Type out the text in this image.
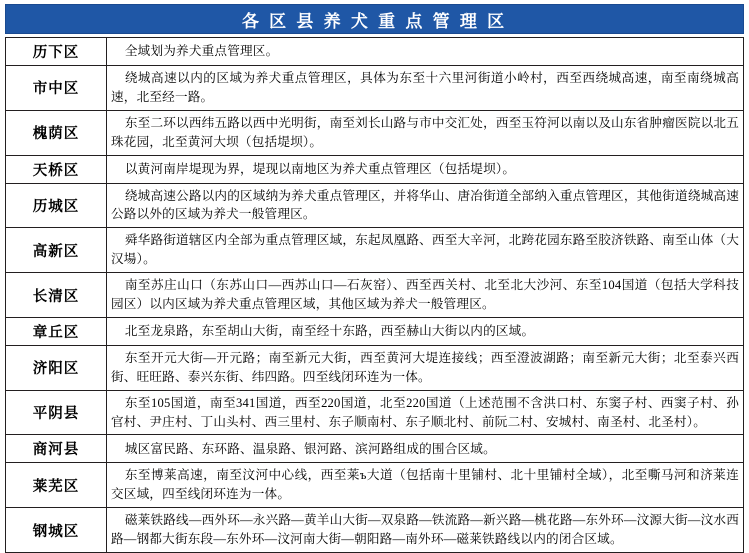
各 区 县 养 犬 重 点 管 理 区
历下区	全域划为养犬重点管理区。

市中区	绕城高速以内的区域为养犬重点管理区，具体为东至十六里河街道小岭村，西至西绕城高速，南至南绕城高速，北至经一路。

槐荫区	东至二环以西纬五路以西中光明街，南至刘长山路与市中交汇处，西至玉符河以南以及山东省肿瘤医院以北五珠花园，北至黄河大坝（包括堤坝）。

天桥区	以黄河南岸堤现为界，堤现以南地区为养犬重点管理区（包括堤坝）。

历城区	绕城高速公路以内的区域纳为养犬重点管理区，并将华山、唐冶街道全部纳入重点管理区，其他街道绕城高速公路以外的区域为养犬一般管理区。

高新区	舜华路街道辖区内全部为重点管理区域，东起凤凰路、西至大辛河，北跨花园东路至胶济铁路、南至山体（大汉場）。

长清区	南至苏庄山口（东苏山口—西苏山口—石灰窑）、西至西关村、北至北大沙河、东至104国道（包括大学科技园区）以内区域为养犬重点管理区域，其他区域为养犬一般管理区。

章丘区	北至龙泉路，东至胡山大街，南至经十东路，西至赫山大街以内的区域。

济阳区	东至开元大街—开元路；南至新元大街，西至黄河大堤连接线；西至澄波湖路；南至新元大街；北至泰兴西街、旺旺路、泰兴东街、纬四路。四至线闭环连为一体。

平阴县	东至105国道，南至341国道，西至220国道，北至220国道（上述范围不含洪口村、东窦子村、西窦子村、孙官村、尹庄村、丁山头村、西三里村、东子顺南村、东子顺北村、前阮二村、安城村、南圣村、北圣村）。

商河县	城区富民路、东环路、温泉路、银河路、滨河路组成的围合区域。

莱芜区	东至博莱高速，南至汶河中心线，西至莱ъ大道（包括南十里铺村、北十里铺村全域），北至嘶马河和济莱连交区域，四至线闭环连为一体。

钢城区	磁莱铁路线—西外环—永兴路—黄羊山大街—双泉路—铁流路—新兴路—桃花路—东外环—汶源大街—汶水西路—钢都大街东段—东外环—汶河南大街—朝阳路—南外环—磁莱铁路线以内的闭合区域。
